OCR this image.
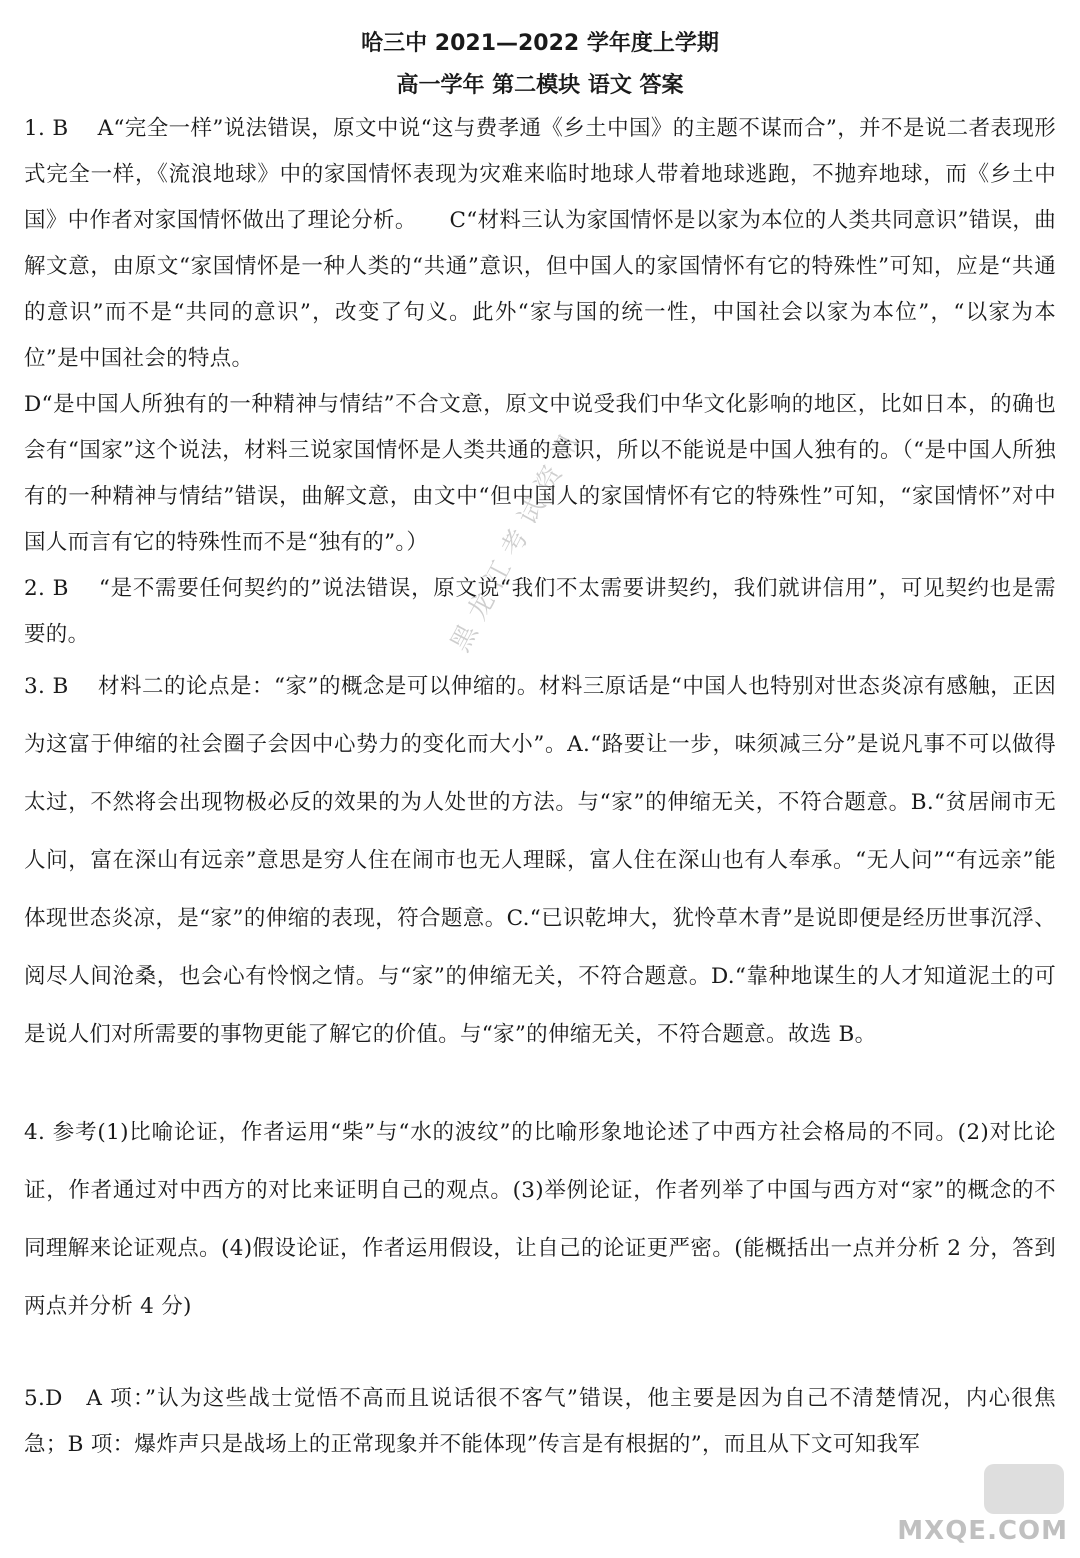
哈三中 2021—2022 学年度上学期
高一学年 第二模块 语文 答案

1. B　 A“完全一样”说法错误，原文中说“这与费孝通《乡土中国》的主题不谋而合”，并不是说二者表现形式完全一样，《流浪地球》中的家国情怀表现为灾难来临时地球人带着地球逃跑，不抛弃地球，而《乡土中国》中作者对家国情怀做出了理论分析。　　C“材料三认为家国情怀是以家为本位的人类共同意识”错误，曲解文意，由原文“家国情怀是一种人类的“共通”意识，但中国人的家国情怀有它的特殊性”可知，应是“共通的意识”而不是“共同的意识”，改变了句义。此外“家与国的统一性，中国社会以家为本位”，“以家为本位”是中国社会的特点。

D“是中国人所独有的一种精神与情结”不合文意，原文中说受我们中华文化影响的地区，比如日本，的确也会有“国家”这个说法，材料三说家国情怀是人类共通的意识，所以不能说是中国人独有的。（“是中国人所独有的一种精神与情结”错误，曲解文意，由文中“但中国人的家国情怀有它的特殊性”可知，“家国情怀”对中国人而言有它的特殊性而不是“独有的”。）

2. B　 “是不需要任何契约的”说法错误，原文说“我们不太需要讲契约，我们就讲信用”，可见契约也是需要的。

3. B　 材料二的论点是：“家”的概念是可以伸缩的。材料三原话是“中国人也特别对世态炎凉有感触，正因为这富于伸缩的社会圈子会因中心势力的变化而大小”。A.“路要让一步，味须减三分”是说凡事不可以做得太过，不然将会出现物极必反的效果的为人处世的方法。与“家”的伸缩无关，不符合题意。B.“贫居闹市无人问，富在深山有远亲”意思是穷人住在闹市也无人理睬，富人住在深山也有人奉承。“无人问”“有远亲”能体现世态炎凉，是“家”的伸缩的表现，符合题意。C.“已识乾坤大，犹怜草木青”是说即便是经历世事沉浮、阅尽人间沧桑，也会心有怜悯之情。与“家”的伸缩无关，不符合题意。D.“靠种地谋生的人才知道泥土的可是说人们对所需要的事物更能了解它的价值。与“家”的伸缩无关，不符合题意。故选 B。

4. 参考(1)比喻论证，作者运用“柴”与“水的波纹”的比喻形象地论述了中西方社会格局的不同。(2)对比论证，作者通过对中西方的对比来证明自己的观点。(3)举例论证，作者列举了中国与西方对“家”的概念的不同理解来论证观点。(4)假设论证，作者运用假设，让自己的论证更严密。(能概括出一点并分析 2 分，答到两点并分析 4 分)

5.D　A 项：”认为这些战士觉悟不高而且说话很不客气”错误，他主要是因为自己不清楚情况，内心很焦急；B 项：爆炸声只是战场上的正常现象并不能体现”传言是有根据的”，而且从下文可知我军

黑龙江考试资讯
MXQE.COM
